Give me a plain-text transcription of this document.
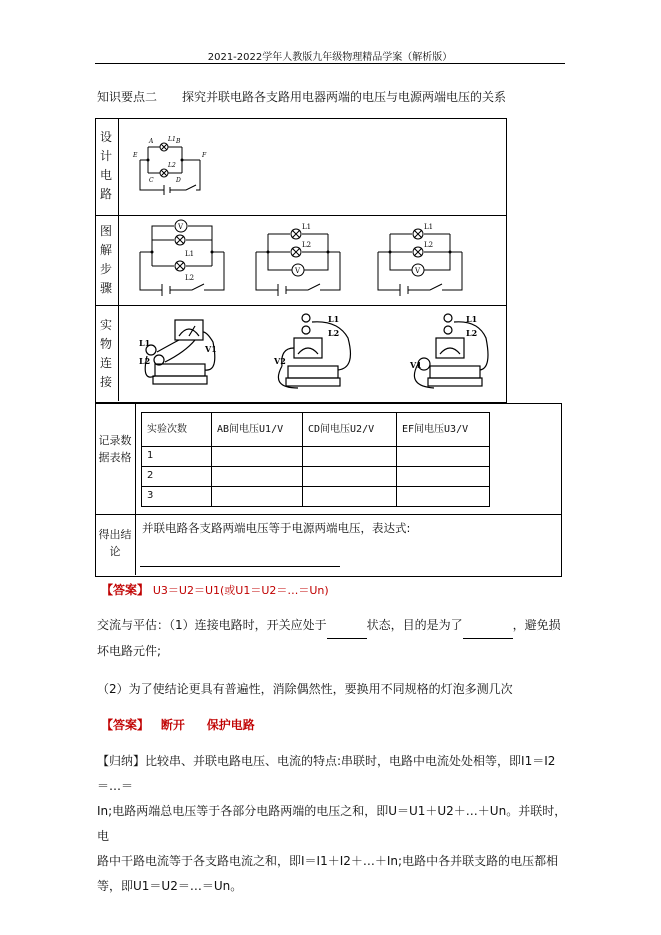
2021-2022学年人教版九年级物理精品学案（解析版）
知识要点二 探究并联电路各支路用电器两端的电压与电源两端电压的关系
设计电路
图解步骤
实物连接
A	B
E	F
C	D
L1
L2
V
L1
L2
V
L1
L2
V
L1
L2
L1
L2
V1
L1
L2
V2
L1
L2
V1
记录数据表格
得出结论
实验次数	AB间电压U1/V	CD间电压U2/V	EF间电压U3/V
1
2
3
并联电路各支路两端电压等于电源两端电压，表达式:
【答案】 U3＝U2＝U1(或U1＝U2＝…＝Un)
交流与平估：（1）连接电路时，开关应处于	状态，目的是为了	，避免损
坏电路元件;
（2）为了使结论更具有普遍性，消除偶然性，要换用不同规格的灯泡多测几次
【答案】 断开 保护电路
【归纳】比较串、并联电路电压、电流的特点:串联时，电路中电流处处相等，即I1＝I2＝…＝
In;电路两端总电压等于各部分电路两端的电压之和，即U＝U1＋U2＋…＋Un。并联时，电
路中干路电流等于各支路电流之和，即I＝I1＋I2＋…＋In;电路中各并联支路的电压都相
等，即U1＝U2＝…＝Un。
